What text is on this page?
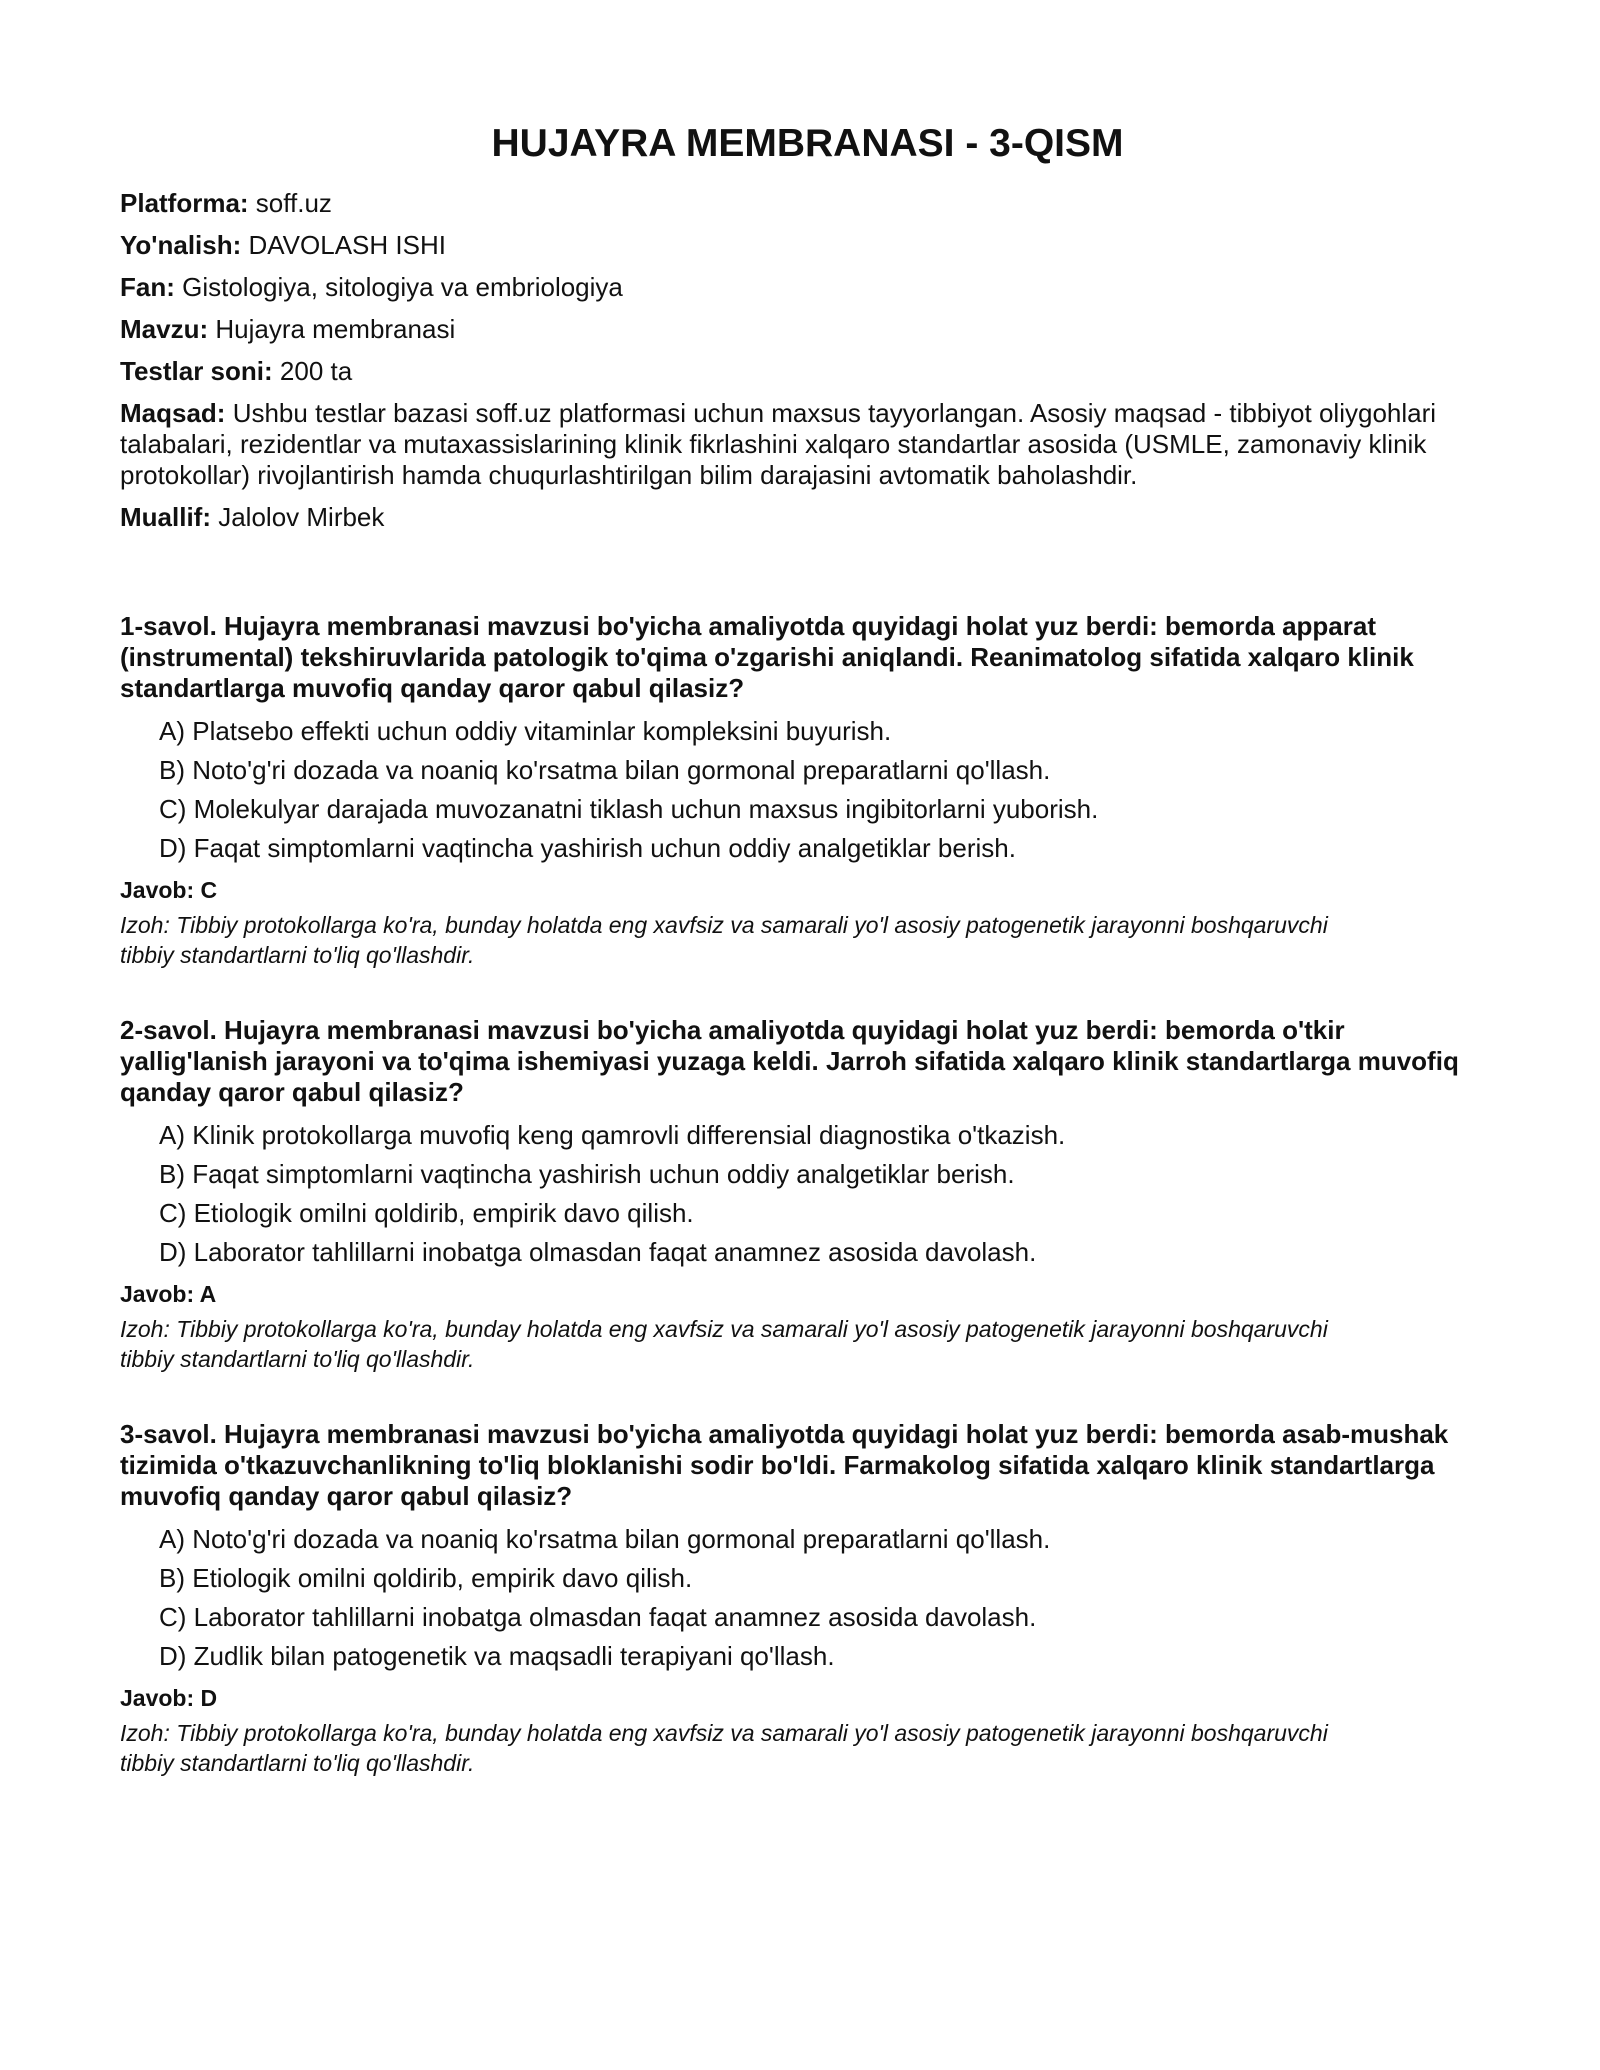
HUJAYRA MEMBRANASI - 3-QISM

Platforma: soff.uz

Yo'nalish: DAVOLASH ISHI

Fan: Gistologiya, sitologiya va embriologiya

Mavzu: Hujayra membranasi

Testlar soni: 200 ta

Maqsad: Ushbu testlar bazasi soff.uz platformasi uchun maxsus tayyorlangan. Asosiy maqsad - tibbiyot oliygohlari talabalari, rezidentlar va mutaxassislarining klinik fikrlashini xalqaro standartlar asosida (USMLE, zamonaviy klinik protokollar) rivojlantirish hamda chuqurlashtirilgan bilim darajasini avtomatik baholashdir.

Muallif: Jalolov Mirbek

1-savol. Hujayra membranasi mavzusi bo'yicha amaliyotda quyidagi holat yuz berdi: bemorda apparat (instrumental) tekshiruvlarida patologik to'qima o'zgarishi aniqlandi. Reanimatolog sifatida xalqaro klinik standartlarga muvofiq qanday qaror qabul qilasiz?

A) Platsebo effekti uchun oddiy vitaminlar kompleksini buyurish.
B) Noto'g'ri dozada va noaniq ko'rsatma bilan gormonal preparatlarni qo'llash.
C) Molekulyar darajada muvozanatni tiklash uchun maxsus ingibitorlarni yuborish.
D) Faqat simptomlarni vaqtincha yashirish uchun oddiy analgetiklar berish.

Javob: C

Izoh: Tibbiy protokollarga ko'ra, bunday holatda eng xavfsiz va samarali yo'l asosiy patogenetik jarayonni boshqaruvchi tibbiy standartlarni to'liq qo'llashdir.

2-savol. Hujayra membranasi mavzusi bo'yicha amaliyotda quyidagi holat yuz berdi: bemorda o'tkir yallig'lanish jarayoni va to'qima ishemiyasi yuzaga keldi. Jarroh sifatida xalqaro klinik standartlarga muvofiq qanday qaror qabul qilasiz?

A) Klinik protokollarga muvofiq keng qamrovli differensial diagnostika o'tkazish.
B) Faqat simptomlarni vaqtincha yashirish uchun oddiy analgetiklar berish.
C) Etiologik omilni qoldirib, empirik davo qilish.
D) Laborator tahlillarni inobatga olmasdan faqat anamnez asosida davolash.

Javob: A

Izoh: Tibbiy protokollarga ko'ra, bunday holatda eng xavfsiz va samarali yo'l asosiy patogenetik jarayonni boshqaruvchi tibbiy standartlarni to'liq qo'llashdir.

3-savol. Hujayra membranasi mavzusi bo'yicha amaliyotda quyidagi holat yuz berdi: bemorda asab-mushak tizimida o'tkazuvchanlikning to'liq bloklanishi sodir bo'ldi. Farmakolog sifatida xalqaro klinik standartlarga muvofiq qanday qaror qabul qilasiz?

A) Noto'g'ri dozada va noaniq ko'rsatma bilan gormonal preparatlarni qo'llash.
B) Etiologik omilni qoldirib, empirik davo qilish.
C) Laborator tahlillarni inobatga olmasdan faqat anamnez asosida davolash.
D) Zudlik bilan patogenetik va maqsadli terapiyani qo'llash.

Javob: D

Izoh: Tibbiy protokollarga ko'ra, bunday holatda eng xavfsiz va samarali yo'l asosiy patogenetik jarayonni boshqaruvchi tibbiy standartlarni to'liq qo'llashdir.
